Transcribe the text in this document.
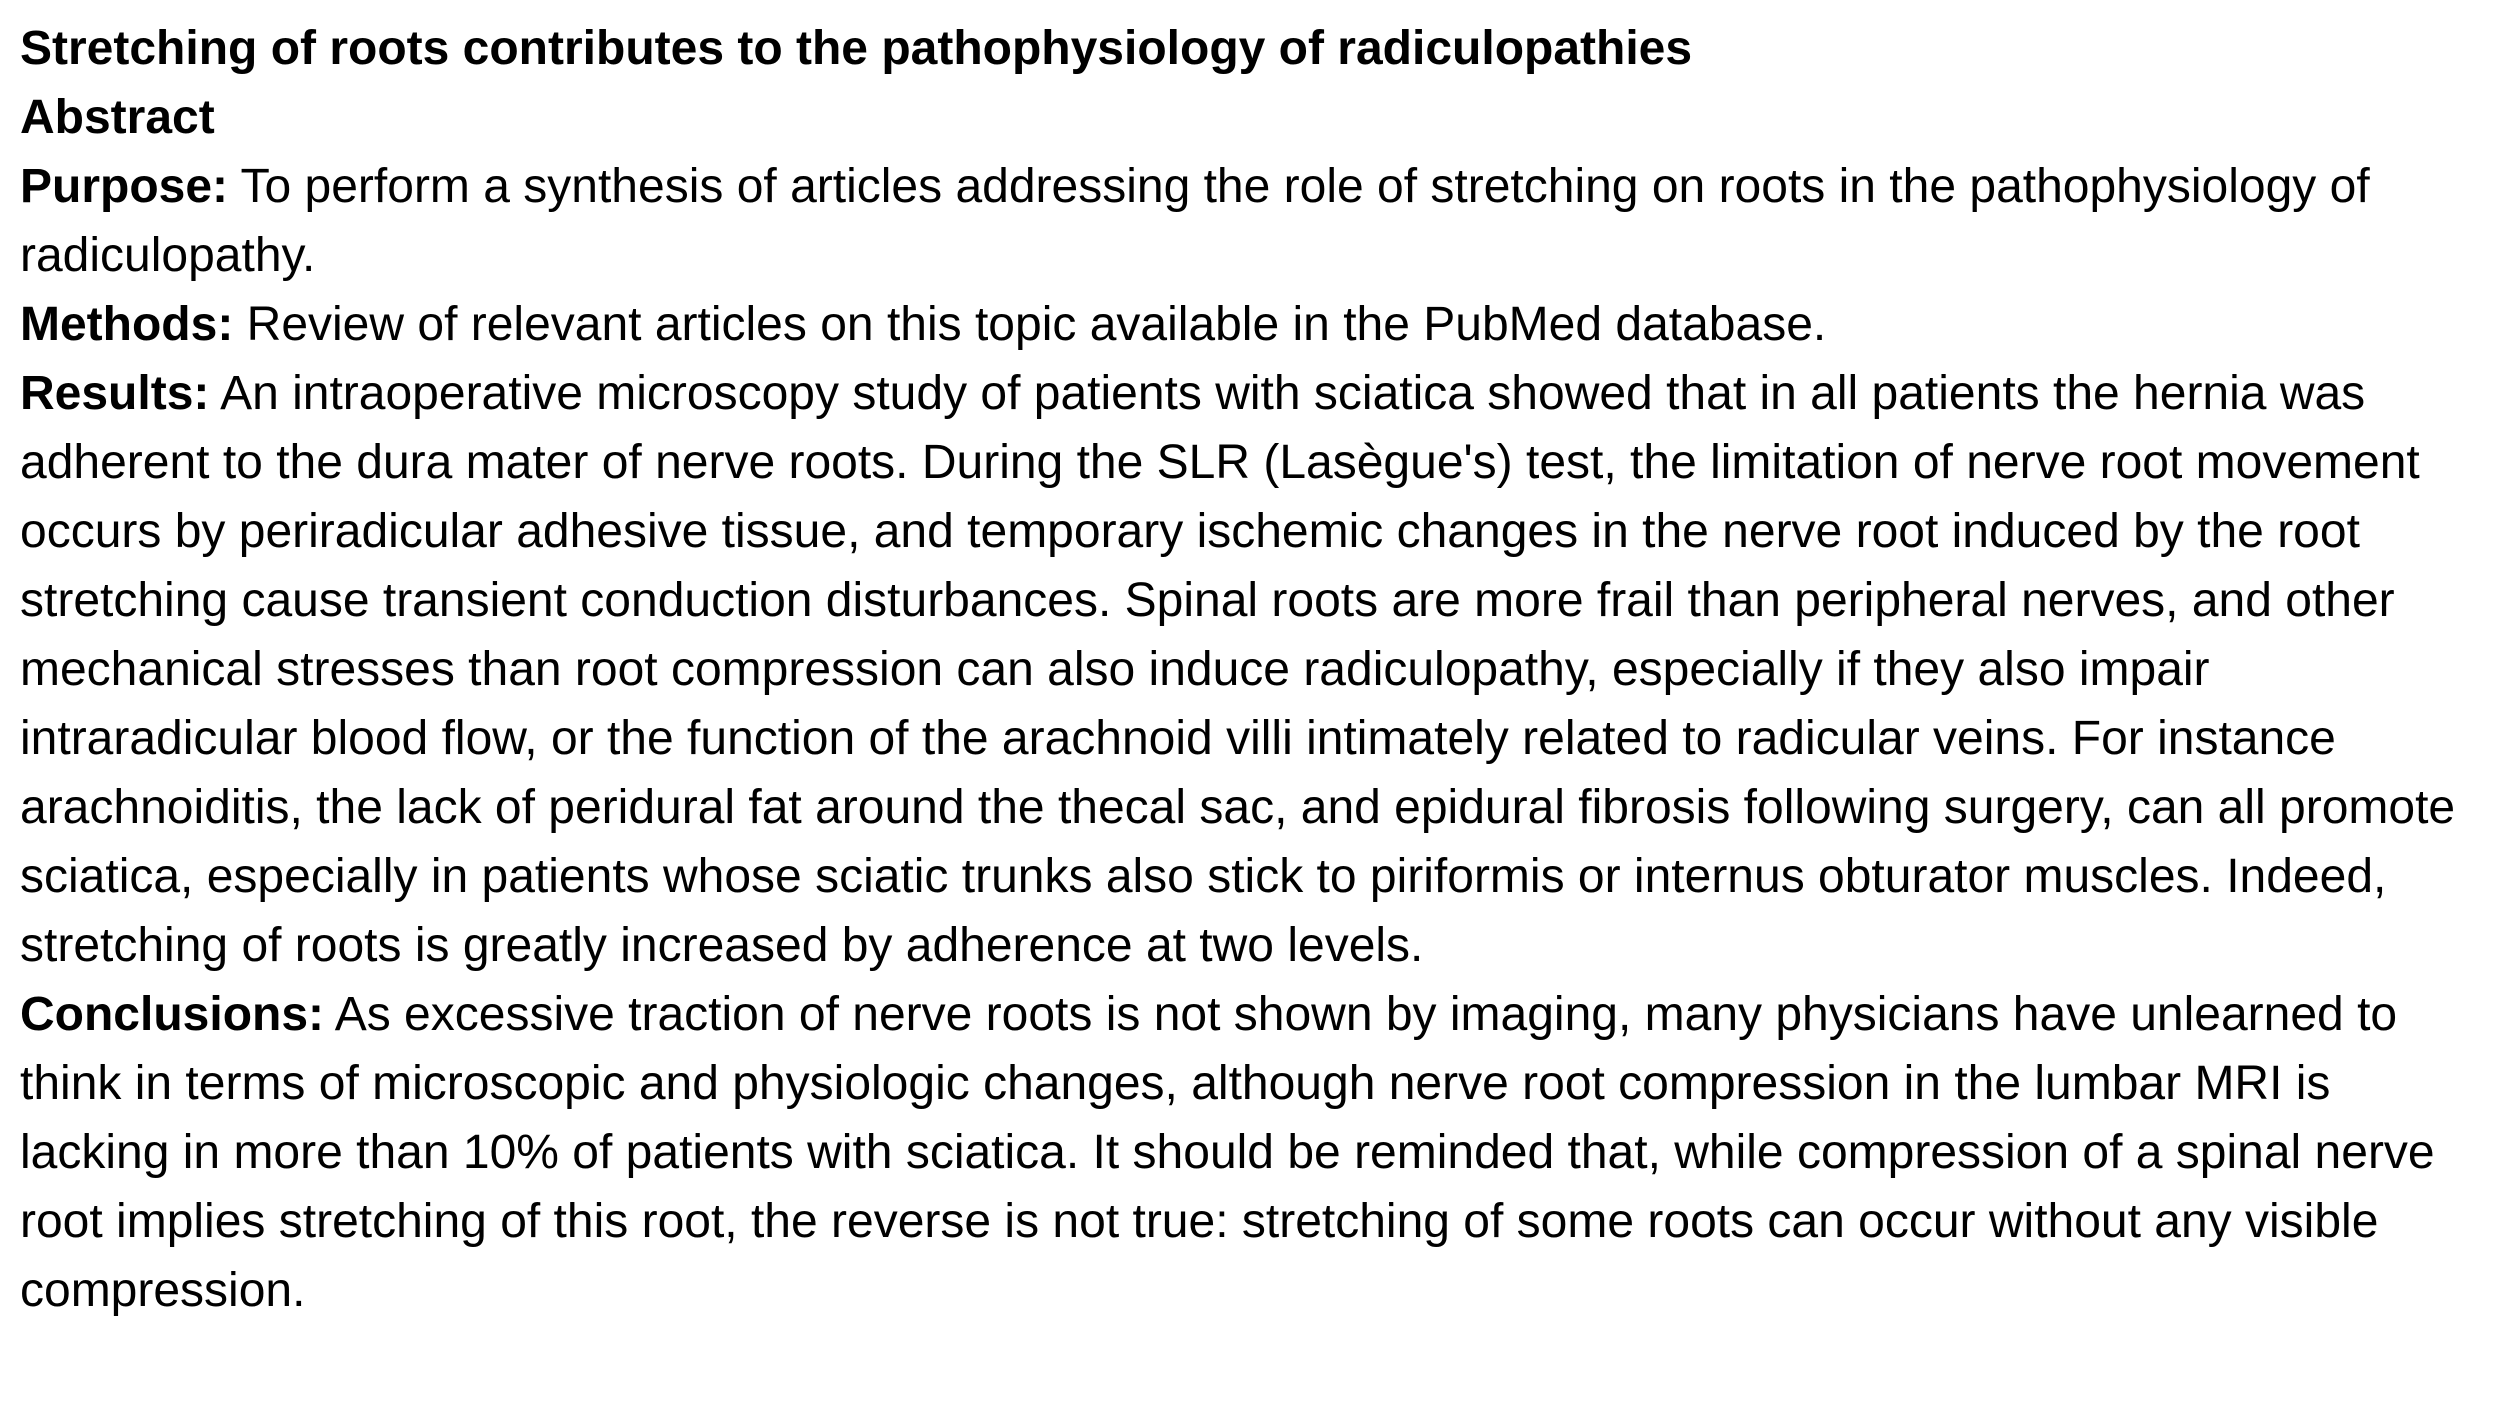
Stretching of roots contributes to the pathophysiology of radiculopathies

Abstract

Purpose: To perform a synthesis of articles addressing the role of stretching on roots in the pathophysiology of radiculopathy.

Methods: Review of relevant articles on this topic available in the PubMed database.

Results: An intraoperative microscopy study of patients with sciatica showed that in all patients the hernia was adherent to the dura mater of nerve roots. During the SLR (Lasègue's) test, the limitation of nerve root movement occurs by periradicular adhesive tissue, and temporary ischemic changes in the nerve root induced by the root stretching cause transient conduction disturbances. Spinal roots are more frail than peripheral nerves, and other mechanical stresses than root compression can also induce radiculopathy, especially if they also impair intraradicular blood flow, or the function of the arachnoid villi intimately related to radicular veins. For instance arachnoiditis, the lack of peridural fat around the thecal sac, and epidural fibrosis following surgery, can all promote sciatica, especially in patients whose sciatic trunks also stick to piriformis or internus obturator muscles. Indeed, stretching of roots is greatly increased by adherence at two levels.

Conclusions: As excessive traction of nerve roots is not shown by imaging, many physicians have unlearned to think in terms of microscopic and physiologic changes, although nerve root compression in the lumbar MRI is lacking in more than 10% of patients with sciatica. It should be reminded that, while compression of a spinal nerve root implies stretching of this root, the reverse is not true: stretching of some roots can occur without any visible compression.
